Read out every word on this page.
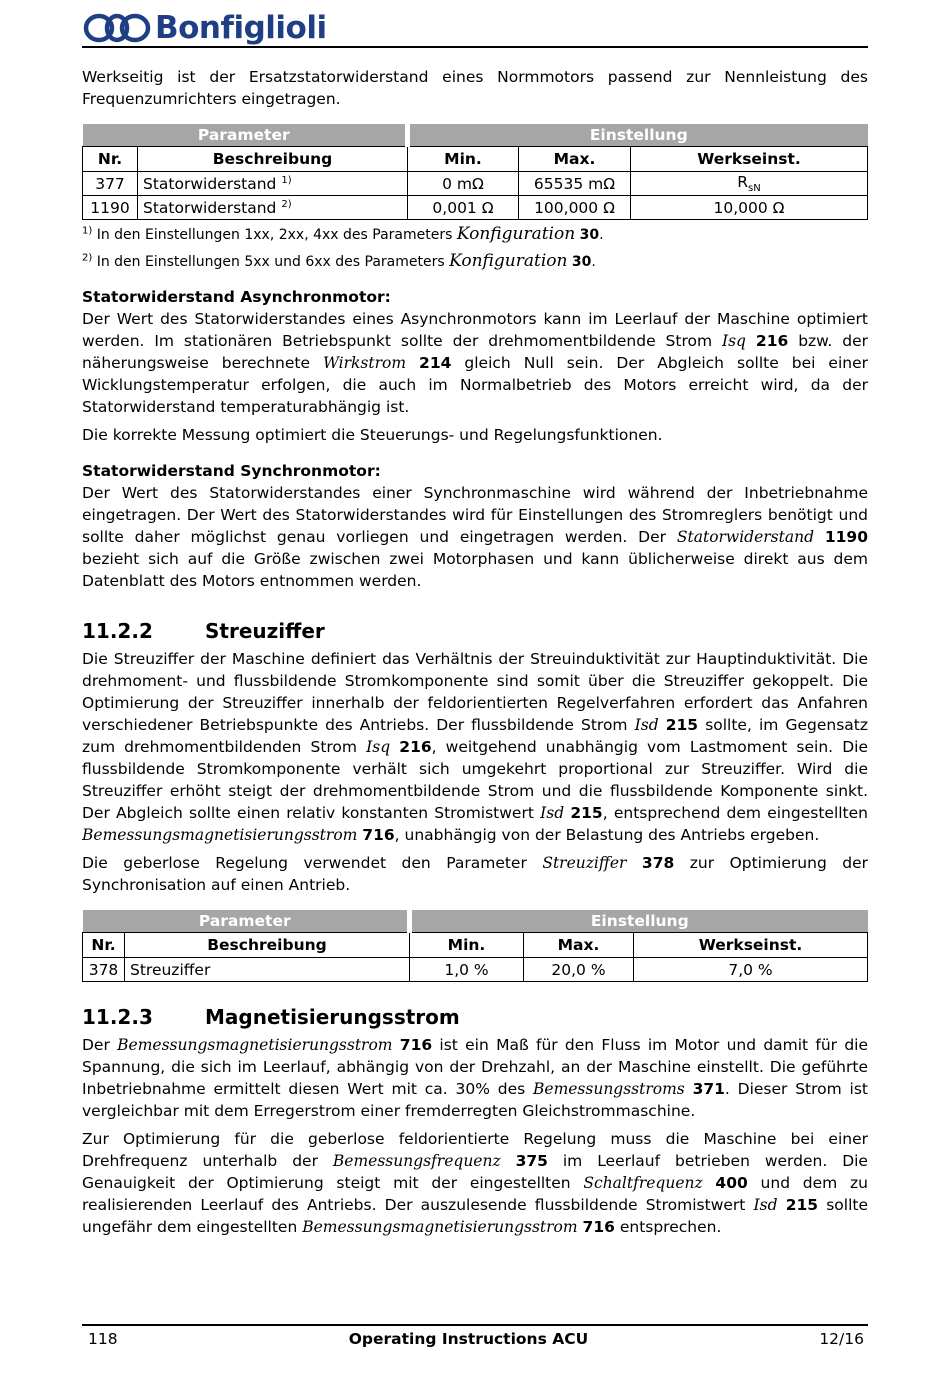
Bonfiglioli

Werkseitig ist der Ersatzstatorwiderstand eines Normmotors passend zur Nennleistung des Frequenzumrichters eingetragen.

Parameter		Einstellung		
Nr.	Beschreibung	Min.	Max.	Werkseinst.
377	Statorwiderstand $^{1)}$	0 mΩ	65535 mΩ	$R_{sN}$
1190	Statorwiderstand $^{2)}$	0,001 Ω	100,000 Ω	10,000 Ω
$^{1)}$ In den Einstellungen 1xx, 2xx, 4xx des Parameters Konfiguration 30.
$^{2)}$ In den Einstellungen 5xx und 6xx des Parameters Konfiguration 30.
Statorwiderstand Asynchronmotor:

Der Wert des Statorwiderstandes eines Asynchronmotors kann im Leerlauf der Maschine optimiert werden. Im stationären Betriebspunkt sollte der drehmomentbildende Strom Isq 216 bzw. der näherungsweise berechnete Wirkstrom 214 gleich Null sein. Der Abgleich sollte bei einer Wicklungstemperatur erfolgen, die auch im Normalbetrieb des Motors erreicht wird, da der Statorwiderstand temperaturabhängig ist.

Die korrekte Messung optimiert die Steuerungs- und Regelungsfunktionen.

Statorwiderstand Synchronmotor:

Der Wert des Statorwiderstandes einer Synchronmaschine wird während der Inbetriebnahme eingetragen. Der Wert des Statorwiderstandes wird für Einstellungen des Stromreglers benötigt und sollte daher möglichst genau vorliegen und eingetragen werden. Der Statorwiderstand 1190 bezieht sich auf die Größe zwischen zwei Motorphasen und kann üblicherweise direkt aus dem Datenblatt des Motors entnommen werden.

11.2.2	Streuziffer

Die Streuziffer der Maschine definiert das Verhältnis der Streuinduktivität zur Hauptinduktivität. Die drehmoment- und flussbildende Stromkomponente sind somit über die Streuziffer gekoppelt. Die Optimierung der Streuziffer innerhalb der feldorientierten Regelverfahren erfordert das Anfahren verschiedener Betriebspunkte des Antriebs. Der flussbildende Strom Isd 215 sollte, im Gegensatz zum drehmomentbildenden Strom Isq 216, weitgehend unabhängig vom Lastmoment sein. Die flussbildende Stromkomponente verhält sich umgekehrt proportional zur Streuziffer. Wird die Streuziffer erhöht steigt der drehmomentbildende Strom und die flussbildende Komponente sinkt. Der Abgleich sollte einen relativ konstanten Stromistwert Isd 215, entsprechend dem eingestellten Bemessungsmagnetisierungsstrom 716, unabhängig von der Belastung des Antriebs ergeben.

Die geberlose Regelung verwendet den Parameter Streuziffer 378 zur Optimierung der Synchronisation auf einen Antrieb.

Parameter		Einstellung		
Nr.	Beschreibung	Min.	Max.	Werkseinst.
378	Streuziffer	1,0 %	20,0 %	7,0 %
11.2.3	Magnetisierungsstrom

Der Bemessungsmagnetisierungsstrom 716 ist ein Maß für den Fluss im Motor und damit für die Spannung, die sich im Leerlauf, abhängig von der Drehzahl, an der Maschine einstellt. Die geführte Inbetriebnahme ermittelt diesen Wert mit ca. 30% des Bemessungsstroms 371. Dieser Strom ist vergleichbar mit dem Erregerstrom einer fremderregten Gleichstrommaschine.

Zur Optimierung für die geberlose feldorientierte Regelung muss die Maschine bei einer Drehfrequenz unterhalb der Bemessungsfrequenz 375 im Leerlauf betrieben werden. Die Genauigkeit der Optimierung steigt mit der eingestellten Schaltfrequenz 400 und dem zu realisierenden Leerlauf des Antriebs. Der auszulesende flussbildende Stromistwert Isd 215 sollte ungefähr dem eingestellten Bemessungsmagnetisierungsstrom 716 entsprechen.

118	Operating Instructions ACU	12/16
